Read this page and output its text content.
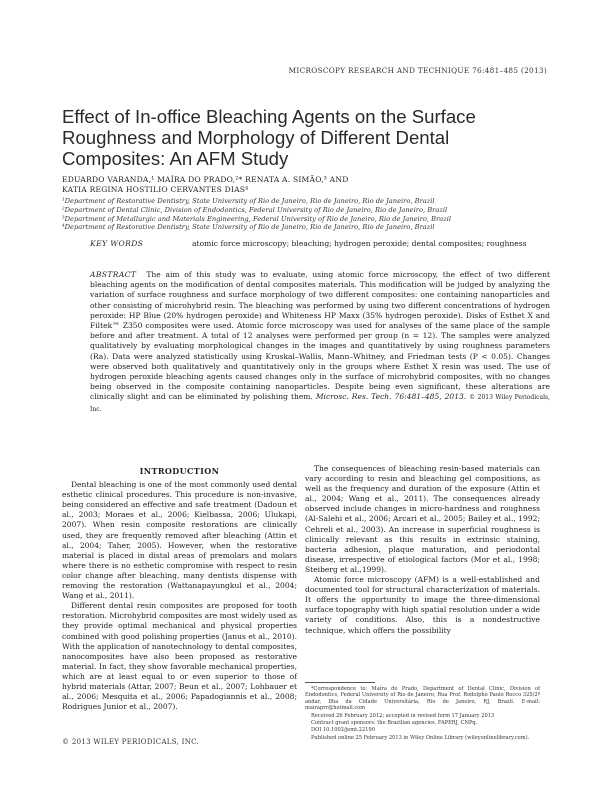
MICROSCOPY RESEARCH AND TECHNIQUE 76:481–485 (2013)
Effect of In-office Bleaching Agents on the Surface Roughness and Morphology of Different Dental Composites: An AFM Study
EDUARDO VARANDA,¹ MAÍRA DO PRADO,²* RENATA A. SIMÃO,³ AND
KATIA REGINA HOSTILIO CERVANTES DIAS⁴
¹Department of Restorative Dentistry, State University of Rio de Janeiro, Rio de Janeiro, Rio de Janeiro, Brazil
²Department of Dental Clinic, Division of Endodontics, Federal University of Rio de Janeiro, Rio de Janeiro, Brazil
³Department of Metallurgic and Materials Engineering, Federal University of Rio de Janeiro, Rio de Janeiro, Brazil
⁴Department of Restorative Dentistry, State University of Rio de Janeiro, Rio de Janeiro, Rio de Janeiro, Brazil
KEY WORDS	atomic force microscopy; bleaching; hydrogen peroxide; dental composites; roughness

ABSTRACT The aim of this study was to evaluate, using atomic force microscopy, the effect of two different bleaching agents on the modification of dental composites materials. This modification will be judged by analyzing the variation of surface roughness and surface morphology of two different composites: one containing nanoparticles and other consisting of microhybrid resin. The bleaching was performed by using two different concentrations of hydrogen peroxide: HP Blue (20% hydrogen peroxide) and Whiteness HP Maxx (35% hydrogen peroxide). Disks of Esthet X and Filtek™ Z350 composites were used. Atomic force microscopy was used for analyses of the same place of the sample before and after treatment. A total of 12 analyses were performed per group (n = 12). The samples were analyzed qualitatively by evaluating morphological changes in the images and quantitatively by using roughness parameters (Ra). Data were analyzed statistically using Kruskal–Wallis, Mann–Whitney, and Friedman tests (P < 0.05). Changes were observed both qualitatively and quantitatively only in the groups where Esthet X resin was used. The use of hydrogen peroxide bleaching agents caused changes only in the surface of microhybrid composites, with no changes being observed in the composite containing nanoparticles. Despite being even significant, these alterations are clinically slight and can be eliminated by polishing them. Microsc. Res. Tech. 76:481–485, 2013. © 2013 Wiley Periodicals, Inc.

INTRODUCTION

Dental bleaching is one of the most commonly used dental esthetic clinical procedures. This procedure is non-invasive, being considered an effective and safe treatment (Dadoun et al., 2003; Moraes et al., 2006; Kielbassa, 2006; Ulukapi, 2007). When resin composite restorations are clinically used, they are frequently removed after bleaching (Attin et al., 2004; Taher, 2005). However, when the restorative material is placed in distal areas of premolars and molars where there is no esthetic compromise with respect to resin color change after bleaching, many dentists dispense with removing the restoration (Wattanapayungkul et al., 2004; Wang et al., 2011).

Different dental resin composites are proposed for tooth restoration. Microhybrid composites are most widely used as they provide optimal mechanical and physical properties combined with good polishing properties (Janus et al., 2010). With the application of nanotechnology to dental composites, nanocomposites have also been proposed as restorative material. In fact, they show favorable mechanical properties, which are at least equal to or even superior to those of hybrid materials (Attar, 2007; Beun et al., 2007; Lohbauer et al., 2006; Mesquita et al., 2006; Papadogiannis et al., 2008; Rodrigues Junior et al., 2007).

The consequences of bleaching resin-based materials can vary according to resin and bleaching gel compositions, as well as the frequency and duration of the exposure (Attin et al., 2004; Wang et al., 2011). The consequences already observed include changes in micro-hardness and roughness (Al-Salehi et al., 2006; Arcari et al., 2005; Bailey et al., 1992; Cehreli et al., 2003). An increase in superficial roughness is clinically relevant as this results in extrinsic staining, bacteria adhesion, plaque maturation, and periodontal disease, irrespective of etiological factors (Mor et al., 1998; Steiberg et al.,1999).

Atomic force microscopy (AFM) is a well-established and documented tool for structural characterization of materials. It offers the opportunity to image the three-dimensional surface topography with high spatial resolution under a wide variety of conditions. Also, this is a nondestructive technique, which offers the possibility

*Correspondence to: Maíra do Prado, Department of Dental Clinic, Division of Endodontics, Federal University of Rio de Janeiro, Rua Prof. Rodolpho Paulo Rocco 325/2º andar, Ilha da Cidade Universitária, Rio de Janeiro, RJ, Brazil. E-mail: mairaprr@hotmail.com
Received 26 February 2012; accepted in revised form 17 January 2013
Contract grant sponsors: the Brazilian agencies, FAPERJ, CNPq.
DOI 10.1002/jemt.22190
Published online 25 February 2013 in Wiley Online Library (wileyonlinelibrary.com).
© 2013 WILEY PERIODICALS, INC.
